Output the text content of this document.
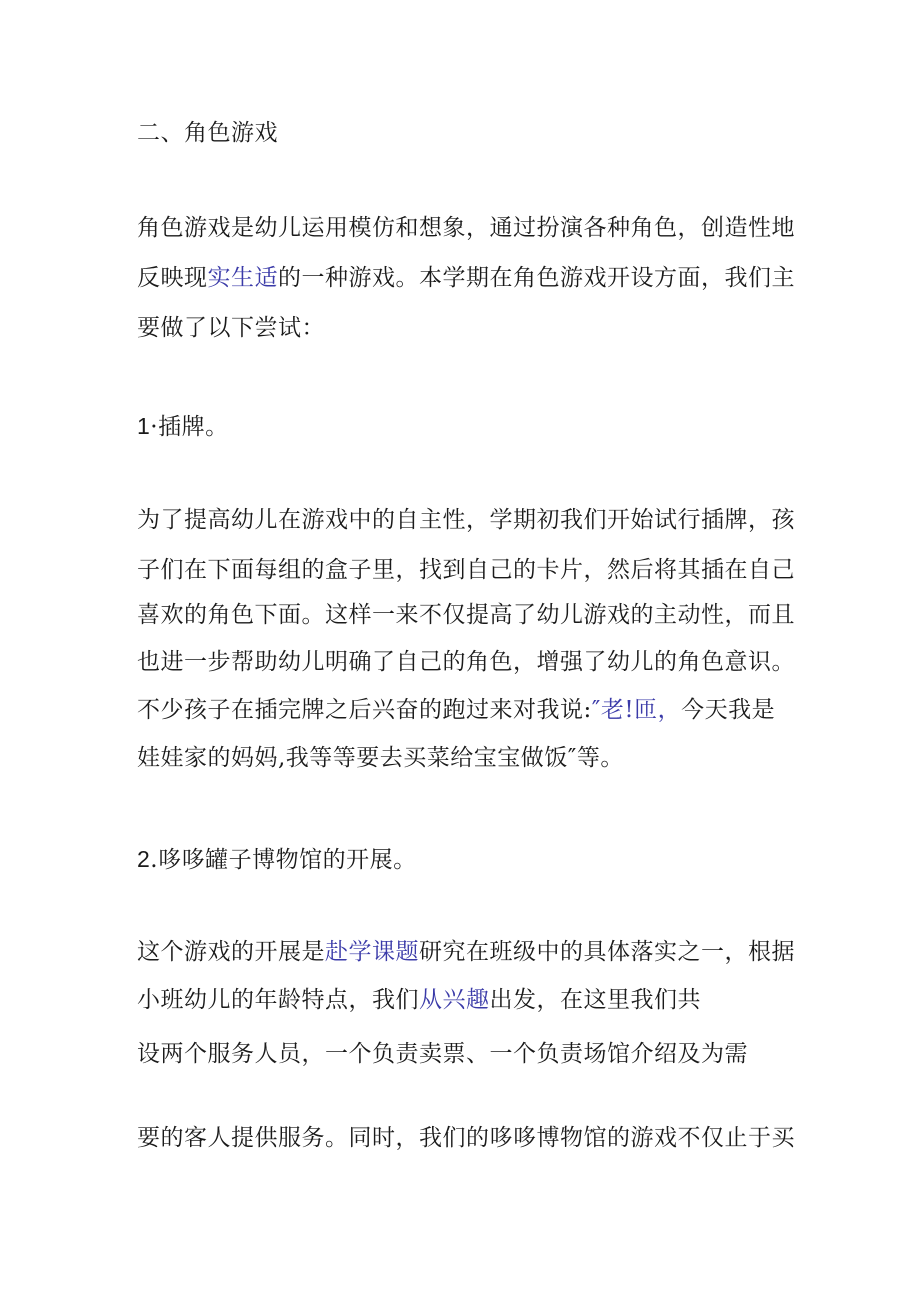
二、角色游戏
角色游戏是幼儿运用模仿和想象，通过扮演各种角色，创造性地
反映现实生适的一种游戏。本学期在角色游戏开设方面，我们主
要做了以下尝试：
1·插牌。
为了提高幼儿在游戏中的自主性，学期初我们开始试行插牌，孩
子们在下面每组的盒子里，找到自己的卡片，然后将其插在自己
喜欢的角色下面。这样一来不仅提高了幼儿游戏的主动性，而且
也进一步帮助幼儿明确了自己的角色，增强了幼儿的角色意识。
不少孩子在插完牌之后兴奋的跑过来对我说:″老!匝，今天我是
娃娃家的妈妈,我等等要去买菜给宝宝做饭″等。
2.哆哆罐子博物馆的开展。
这个游戏的开展是赴学课题研究在班级中的具体落实之一，根据
小班幼儿的年龄特点，我们从兴趣出发，在这里我们共
设两个服务人员，一个负责卖票、一个负责场馆介绍及为需
要的客人提供服务。同时，我们的哆哆博物馆的游戏不仅止于买
